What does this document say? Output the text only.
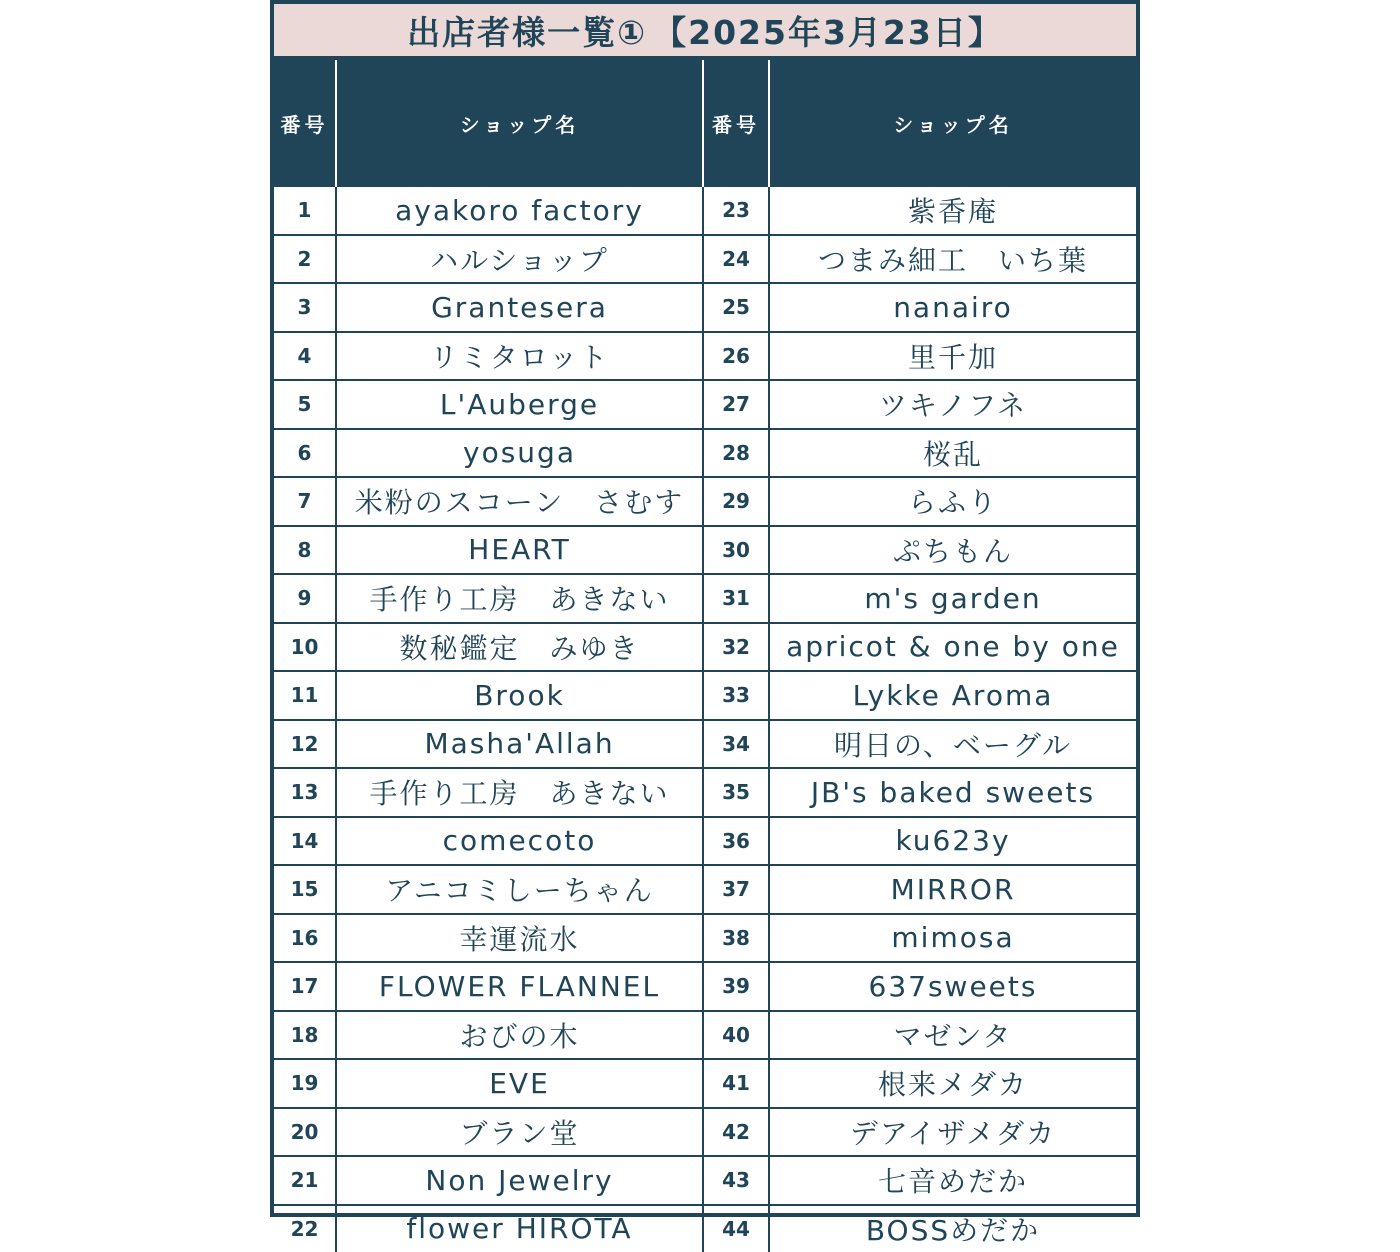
出店者様一覧① 【2025年3月23日】
番号	ショップ名	番号	ショップ名
1	ayakoro factory	23	紫香庵
2	ハルショップ	24	つまみ細工　いち葉
3	Grantesera	25	nanairo
4	リミタロット	26	里千加
5	L'Auberge	27	ツキノフネ
6	yosuga	28	桜乱
7	米粉のスコーン　さむす	29	らふり
8	HEART	30	ぷちもん
9	手作り工房　あきない	31	m's garden
10	数秘鑑定　みゆき	32	apricot & one by one
11	Brook	33	Lykke Aroma
12	Masha'Allah	34	明日の、ベーグル
13	手作り工房　あきない	35	JB's baked sweets
14	comecoto	36	ku623y
15	アニコミしーちゃん	37	MIRROR
16	幸運流水	38	mimosa
17	FLOWER FLANNEL	39	637sweets
18	おびの木	40	マゼンタ
19	EVE	41	根来メダカ
20	ブラン堂	42	デアイザメダカ
21	Non Jewelry	43	七音めだか
22	flower HIROTA	44	BOSSめだか
